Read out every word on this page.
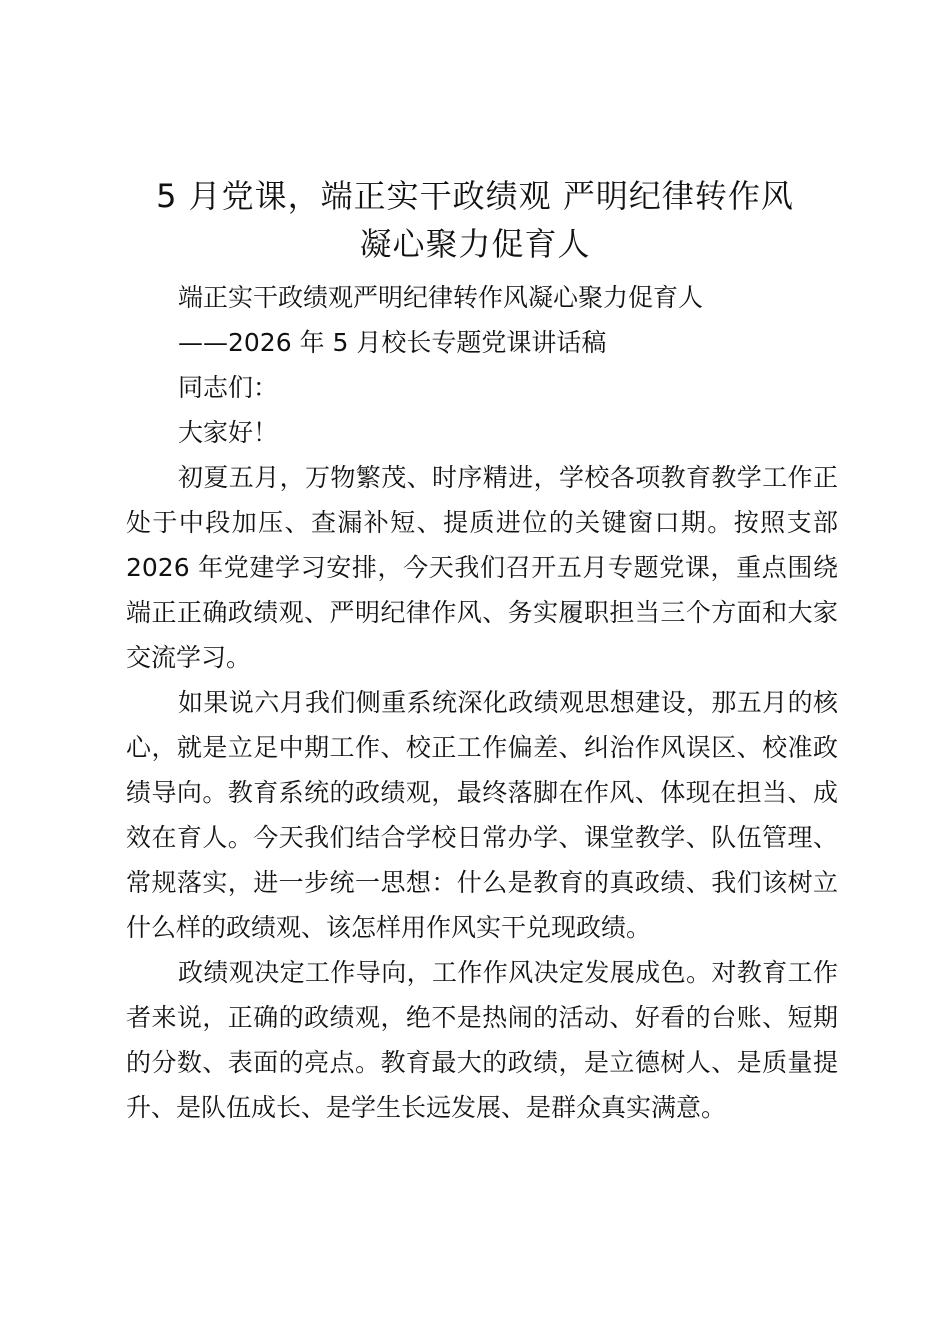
5 月党课，端正实干政绩观 严明纪律转作风
凝心聚力促育人

端正实干政绩观严明纪律转作风凝心聚力促育人

——2026 年 5 月校长专题党课讲话稿

同志们：

大家好！

初夏五月，万物繁茂、时序精进，学校各项教育教学工作正处于中段加压、查漏补短、提质进位的关键窗口期。按照支部 2026 年党建学习安排，今天我们召开五月专题党课，重点围绕端正正确政绩观、严明纪律作风、务实履职担当三个方面和大家交流学习。

如果说六月我们侧重系统深化政绩观思想建设，那五月的核心，就是立足中期工作、校正工作偏差、纠治作风误区、校准政绩导向。教育系统的政绩观，最终落脚在作风、体现在担当、成效在育人。今天我们结合学校日常办学、课堂教学、队伍管理、常规落实，进一步统一思想：什么是教育的真政绩、我们该树立什么样的政绩观、该怎样用作风实干兑现政绩。

政绩观决定工作导向，工作作风决定发展成色。对教育工作者来说，正确的政绩观，绝不是热闹的活动、好看的台账、短期的分数、表面的亮点。教育最大的政绩，是立德树人、是质量提升、是队伍成长、是学生长远发展、是群众真实满意。
